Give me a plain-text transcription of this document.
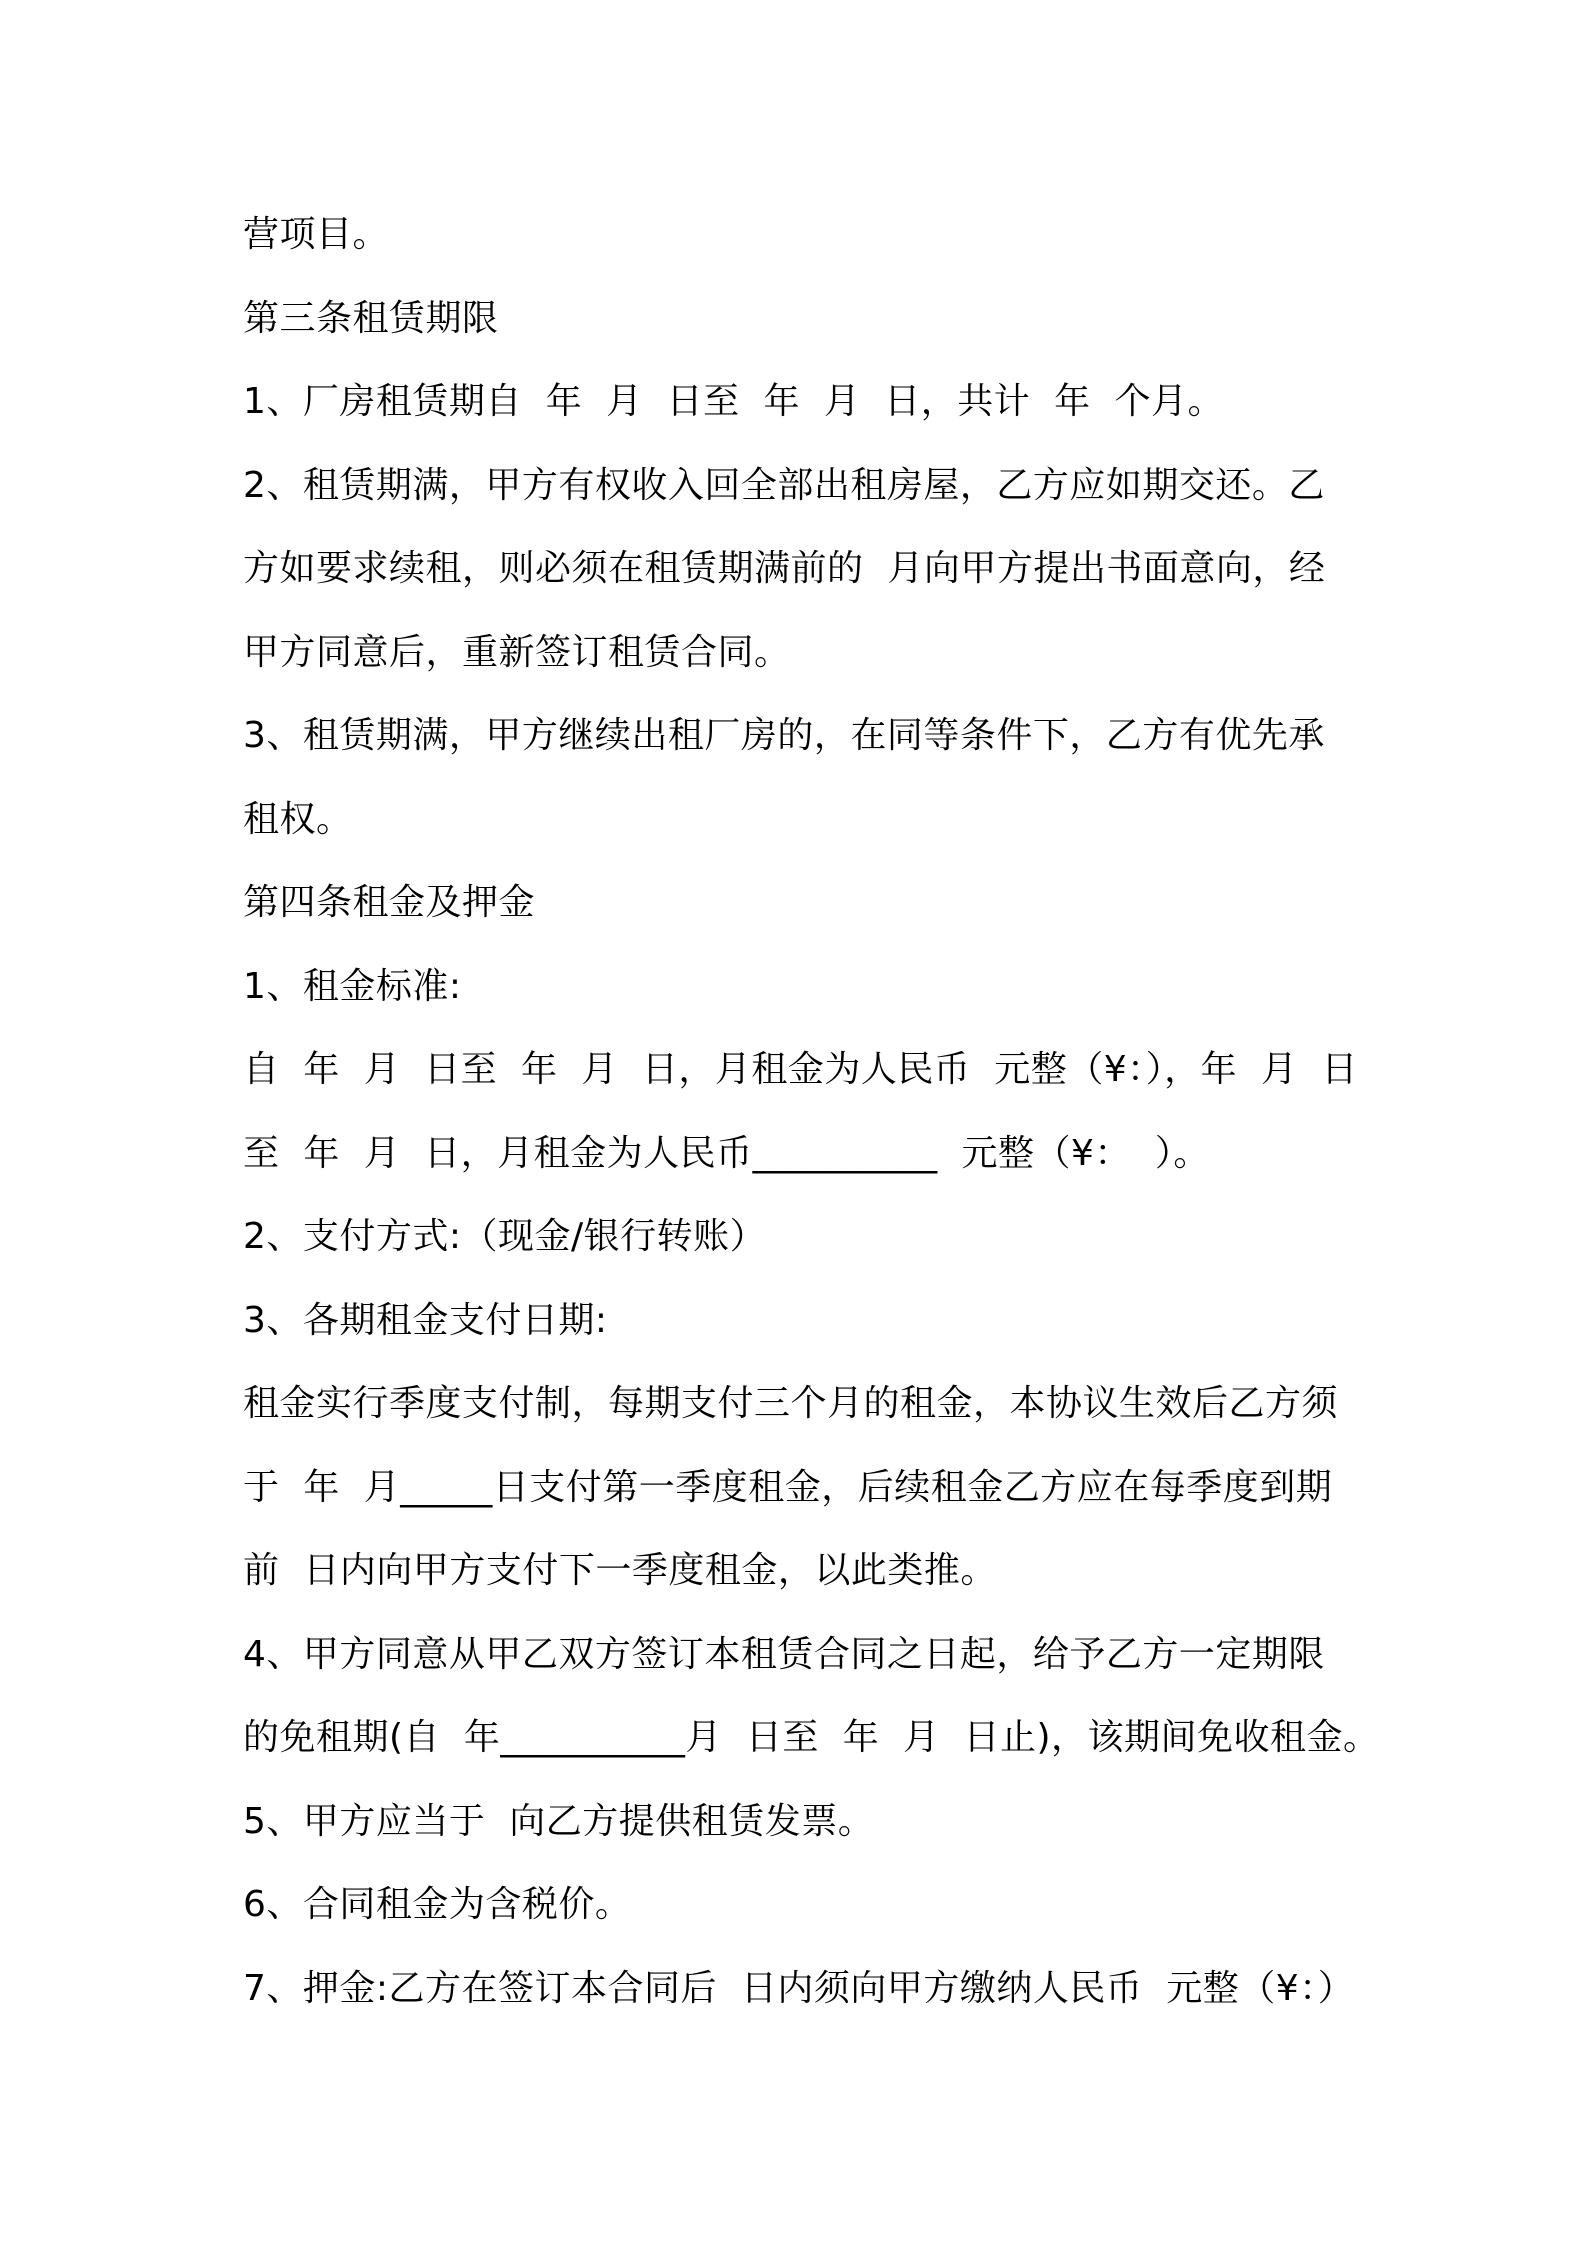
营项目。
第三条租赁期限
1、厂房租赁期自  年  月  日至  年  月  日，共计  年  个月。
2、租赁期满，甲方有权收入回全部出租房屋，乙方应如期交还。乙
方如要求续租，则必须在租赁期满前的  月向甲方提出书面意向，经
甲方同意后，重新签订租赁合同。
3、租赁期满，甲方继续出租厂房的，在同等条件下，乙方有优先承
租权。
第四条租金及押金
1、租金标准:
自  年  月  日至  年  月  日，月租金为人民币  元整（¥：），年  月  日
至  年  月  日，月租金为人民币__________  元整（¥：  ）。
2、支付方式:（现金/银行转账）
3、各期租金支付日期:
租金实行季度支付制，每期支付三个月的租金，本协议生效后乙方须
于  年  月_____日支付第一季度租金，后续租金乙方应在每季度到期
前  日内向甲方支付下一季度租金，以此类推。
4、甲方同意从甲乙双方签订本租赁合同之日起，给予乙方一定期限
的免租期(自  年__________月  日至  年  月  日止)，该期间免收租金。
5、甲方应当于  向乙方提供租赁发票。
6、合同租金为含税价。
7、押金:乙方在签订本合同后  日内须向甲方缴纳人民币  元整（¥：）
